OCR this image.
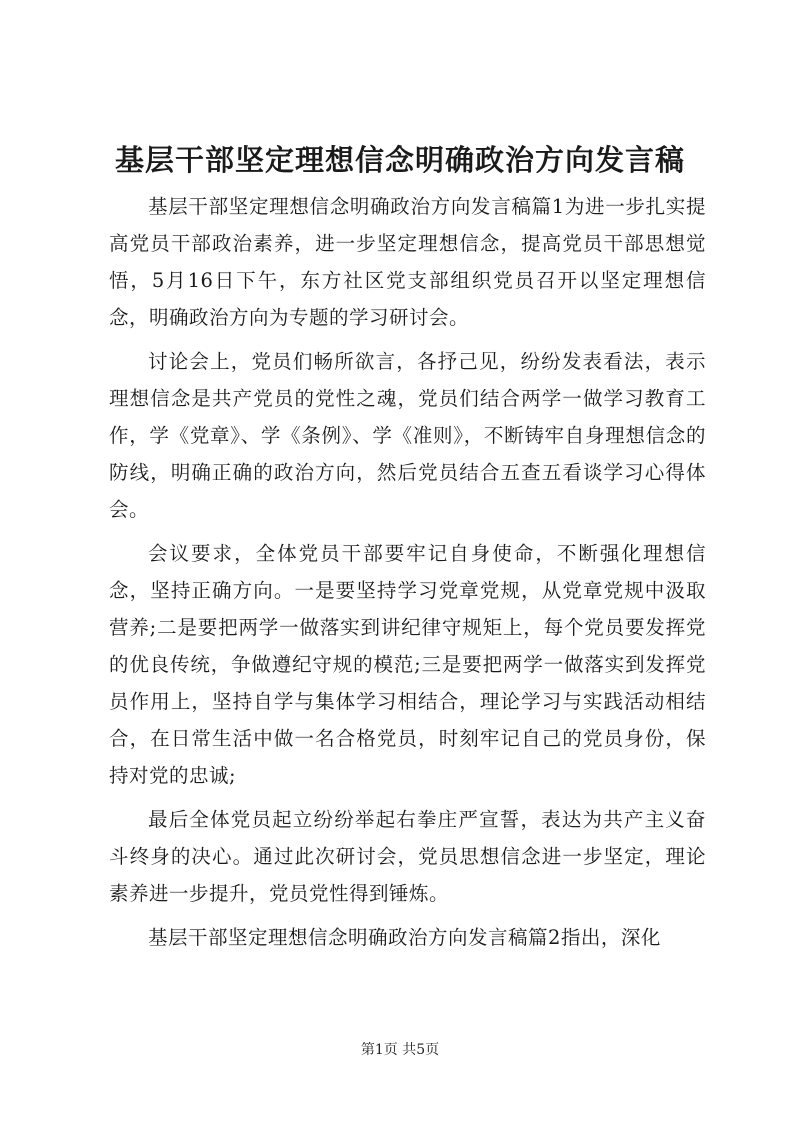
基层干部坚定理想信念明确政治方向发言稿

基层干部坚定理想信念明确政治方向发言稿篇1为进一步扎实提高党员干部政治素养，进一步坚定理想信念，提高党员干部思想觉悟，5月16日下午，东方社区党支部组织党员召开以坚定理想信念，明确政治方向为专题的学习研讨会。

讨论会上，党员们畅所欲言，各抒己见，纷纷发表看法，表示理想信念是共产党员的党性之魂，党员们结合两学一做学习教育工作，学《党章》、学《条例》、学《准则》，不断铸牢自身理想信念的防线，明确正确的政治方向，然后党员结合五查五看谈学习心得体会。

会议要求，全体党员干部要牢记自身使命，不断强化理想信念，坚持正确方向。一是要坚持学习党章党规，从党章党规中汲取营养;二是要把两学一做落实到讲纪律守规矩上，每个党员要发挥党的优良传统，争做遵纪守规的模范;三是要把两学一做落实到发挥党员作用上，坚持自学与集体学习相结合，理论学习与实践活动相结合，在日常生活中做一名合格党员，时刻牢记自己的党员身份，保持对党的忠诚;

最后全体党员起立纷纷举起右拳庄严宣誓，表达为共产主义奋斗终身的决心。通过此次研讨会，党员思想信念进一步坚定，理论素养进一步提升，党员党性得到锤炼。

基层干部坚定理想信念明确政治方向发言稿篇2指出，深化

第1页 共5页
